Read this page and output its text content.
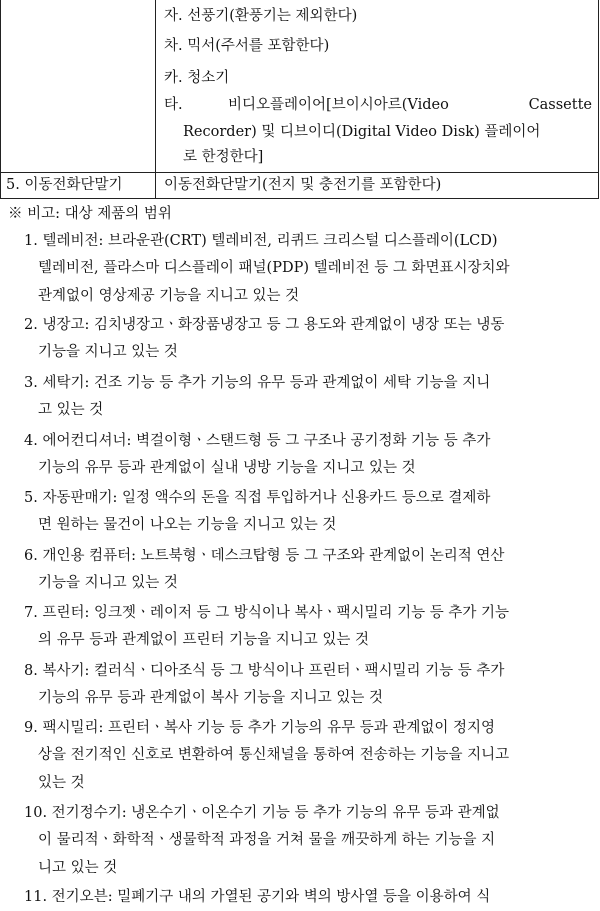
자. 선풍기(환풍기는 제외한다)
차. 믹서(주서를 포함한다)
카. 청소기
타.	비디오플레이어[브이시아르(Video	Cassette
Recorder) 및 디브이디(Digital Video Disk) 플레이어
로 한정한다]
5. 이동전화단말기	이동전화단말기(전지 및 충전기를 포함한다)
※ 비고: 대상 제품의 범위
1. 텔레비전: 브라운관(CRT) 텔레비전, 리퀴드 크리스털 디스플레이(LCD)
텔레비전, 플라스마 디스플레이 패널(PDP) 텔레비전 등 그 화면표시장치와
관계없이 영상제공 기능을 지니고 있는 것
2. 냉장고: 김치냉장고ㆍ화장품냉장고 등 그 용도와 관계없이 냉장 또는 냉동
기능을 지니고 있는 것
3. 세탁기: 건조 기능 등 추가 기능의 유무 등과 관계없이 세탁 기능을 지니
고 있는 것
4. 에어컨디셔너: 벽걸이형ㆍ스탠드형 등 그 구조나 공기정화 기능 등 추가
기능의 유무 등과 관계없이 실내 냉방 기능을 지니고 있는 것
5. 자동판매기: 일정 액수의 돈을 직접 투입하거나 신용카드 등으로 결제하
면 원하는 물건이 나오는 기능을 지니고 있는 것
6. 개인용 컴퓨터: 노트북형ㆍ데스크탑형 등 그 구조와 관계없이 논리적 연산
기능을 지니고 있는 것
7. 프린터: 잉크젯ㆍ레이저 등 그 방식이나 복사ㆍ팩시밀리 기능 등 추가 기능
의 유무 등과 관계없이 프린터 기능을 지니고 있는 것
8. 복사기: 컬러식ㆍ디아조식 등 그 방식이나 프린터ㆍ팩시밀리 기능 등 추가
기능의 유무 등과 관계없이 복사 기능을 지니고 있는 것
9. 팩시밀리: 프린터ㆍ복사 기능 등 추가 기능의 유무 등과 관계없이 정지영
상을 전기적인 신호로 변환하여 통신채널을 통하여 전송하는 기능을 지니고
있는 것
10. 전기정수기: 냉온수기ㆍ이온수기 기능 등 추가 기능의 유무 등과 관계없
이 물리적ㆍ화학적ㆍ생물학적 과정을 거쳐 물을 깨끗하게 하는 기능을 지
니고 있는 것
11. 전기오븐: 밀폐기구 내의 가열된 공기와 벽의 방사열 등을 이용하여 식
